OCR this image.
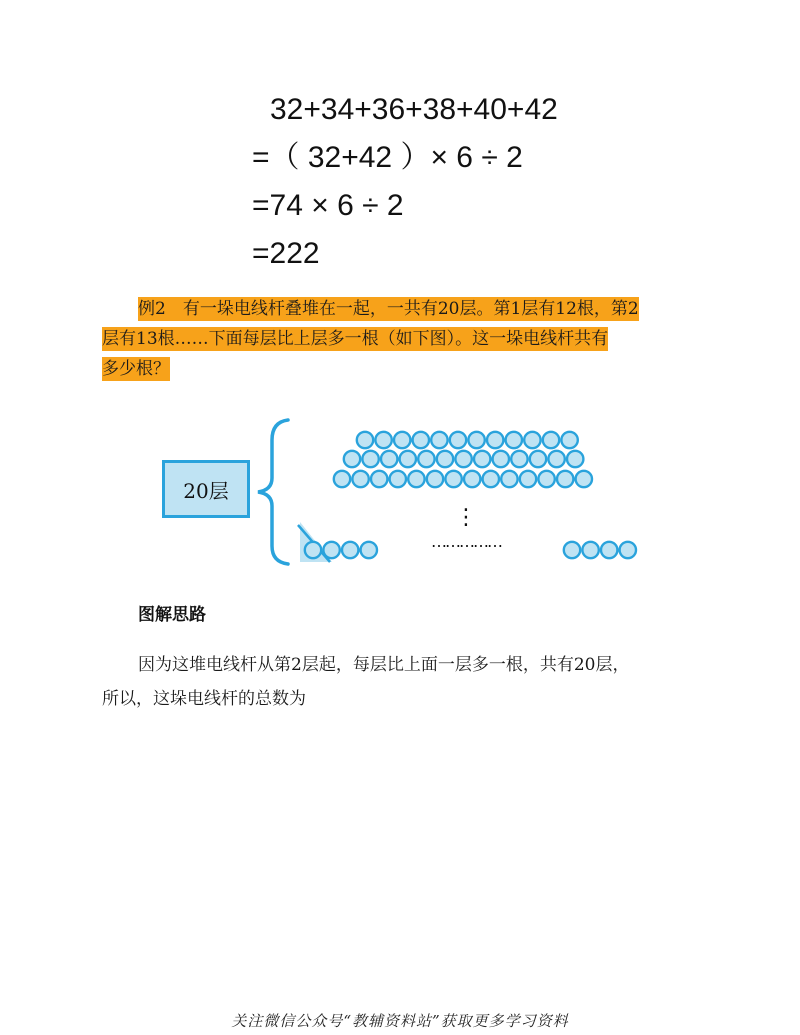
32+34+36+38+40+42
=（ 32+42 ）× 6 ÷ 2
=74 × 6 ÷ 2
=222
例2　有一垛电线杆叠堆在一起，一共有20层。第1层有12根，第2
层有13根……下面每层比上层多一根（如下图）。这一垛电线杆共有
多少根？
⋮
……………
20层
图解思路
因为这堆电线杆从第2层起，每层比上面一层多一根，共有20层，
所以，这垛电线杆的总数为
关注微信公众号“教辅资料站”获取更多学习资料
